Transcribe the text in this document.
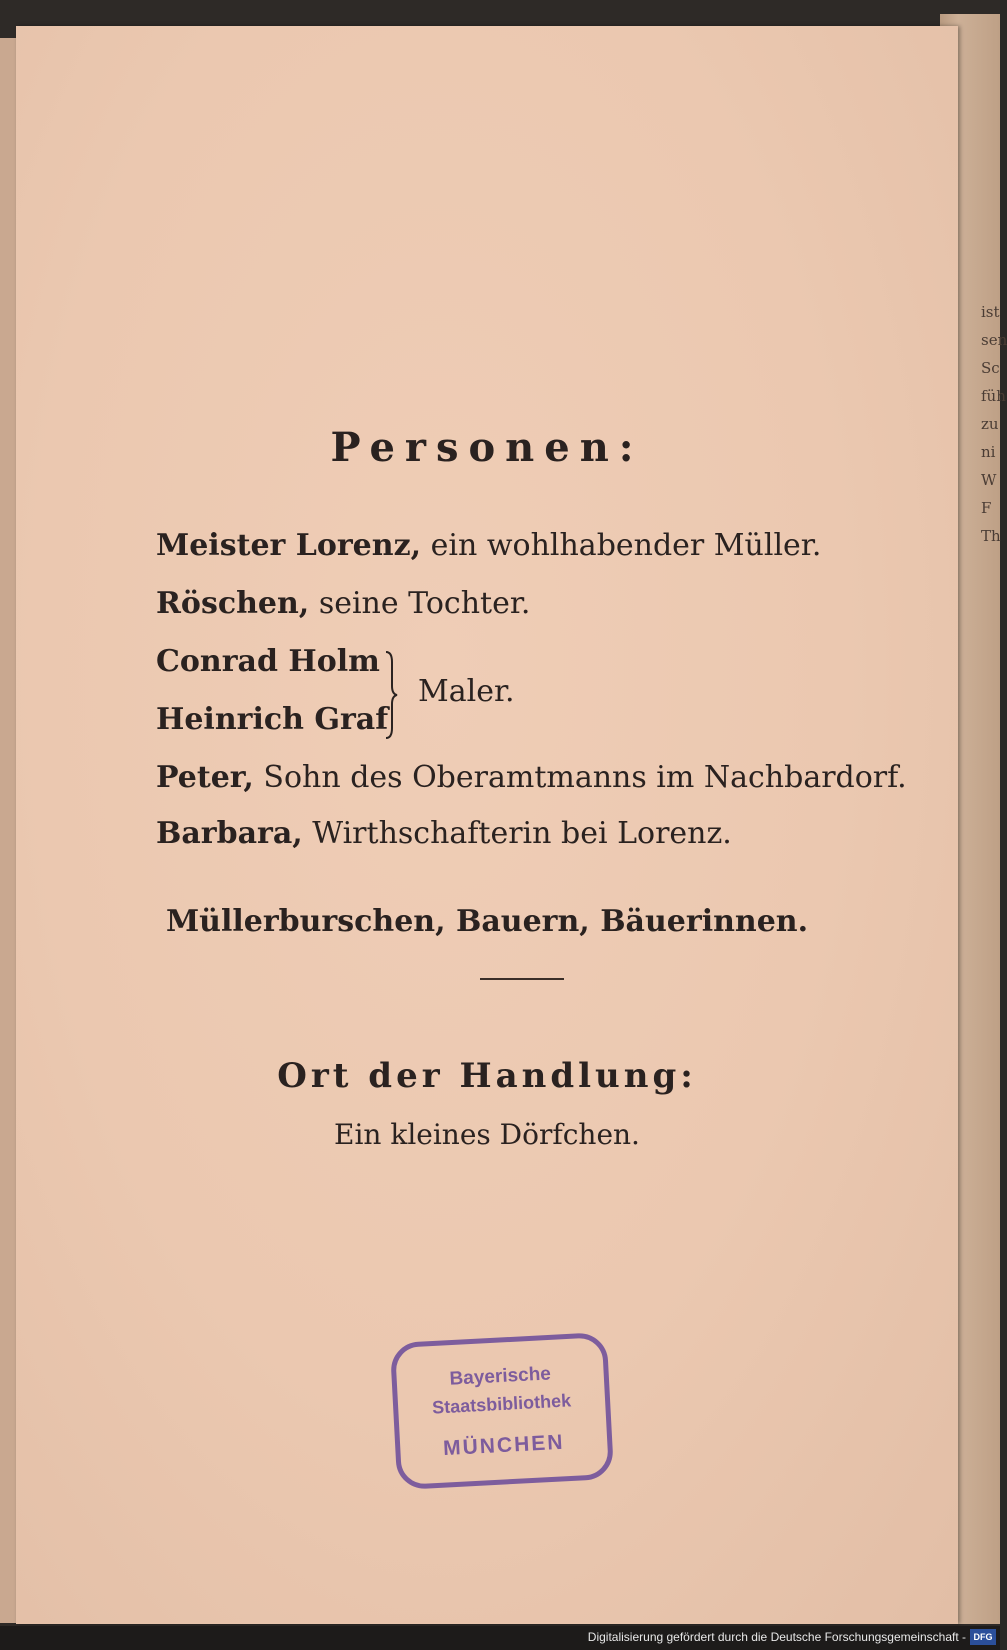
ist
sen
Sc
füh
zu
ni
W
F
Th
Personen:
Meister Lorenz, ein wohlhabender Müller.
Röschen, seine Tochter.
Conrad Holm
Heinrich Graf
Maler.
Peter, Sohn des Oberamtmanns im Nachbardorf.
Barbara, Wirthschafterin bei Lorenz.
Müllerburschen, Bauern, Bäuerinnen.
Ort der Handlung:
Ein kleines Dörfchen.
Bayerische
Staatsbibliothek
MÜNCHEN
Digitalisierung gefördert durch die Deutsche Forschungsgemeinschaft - DFG
